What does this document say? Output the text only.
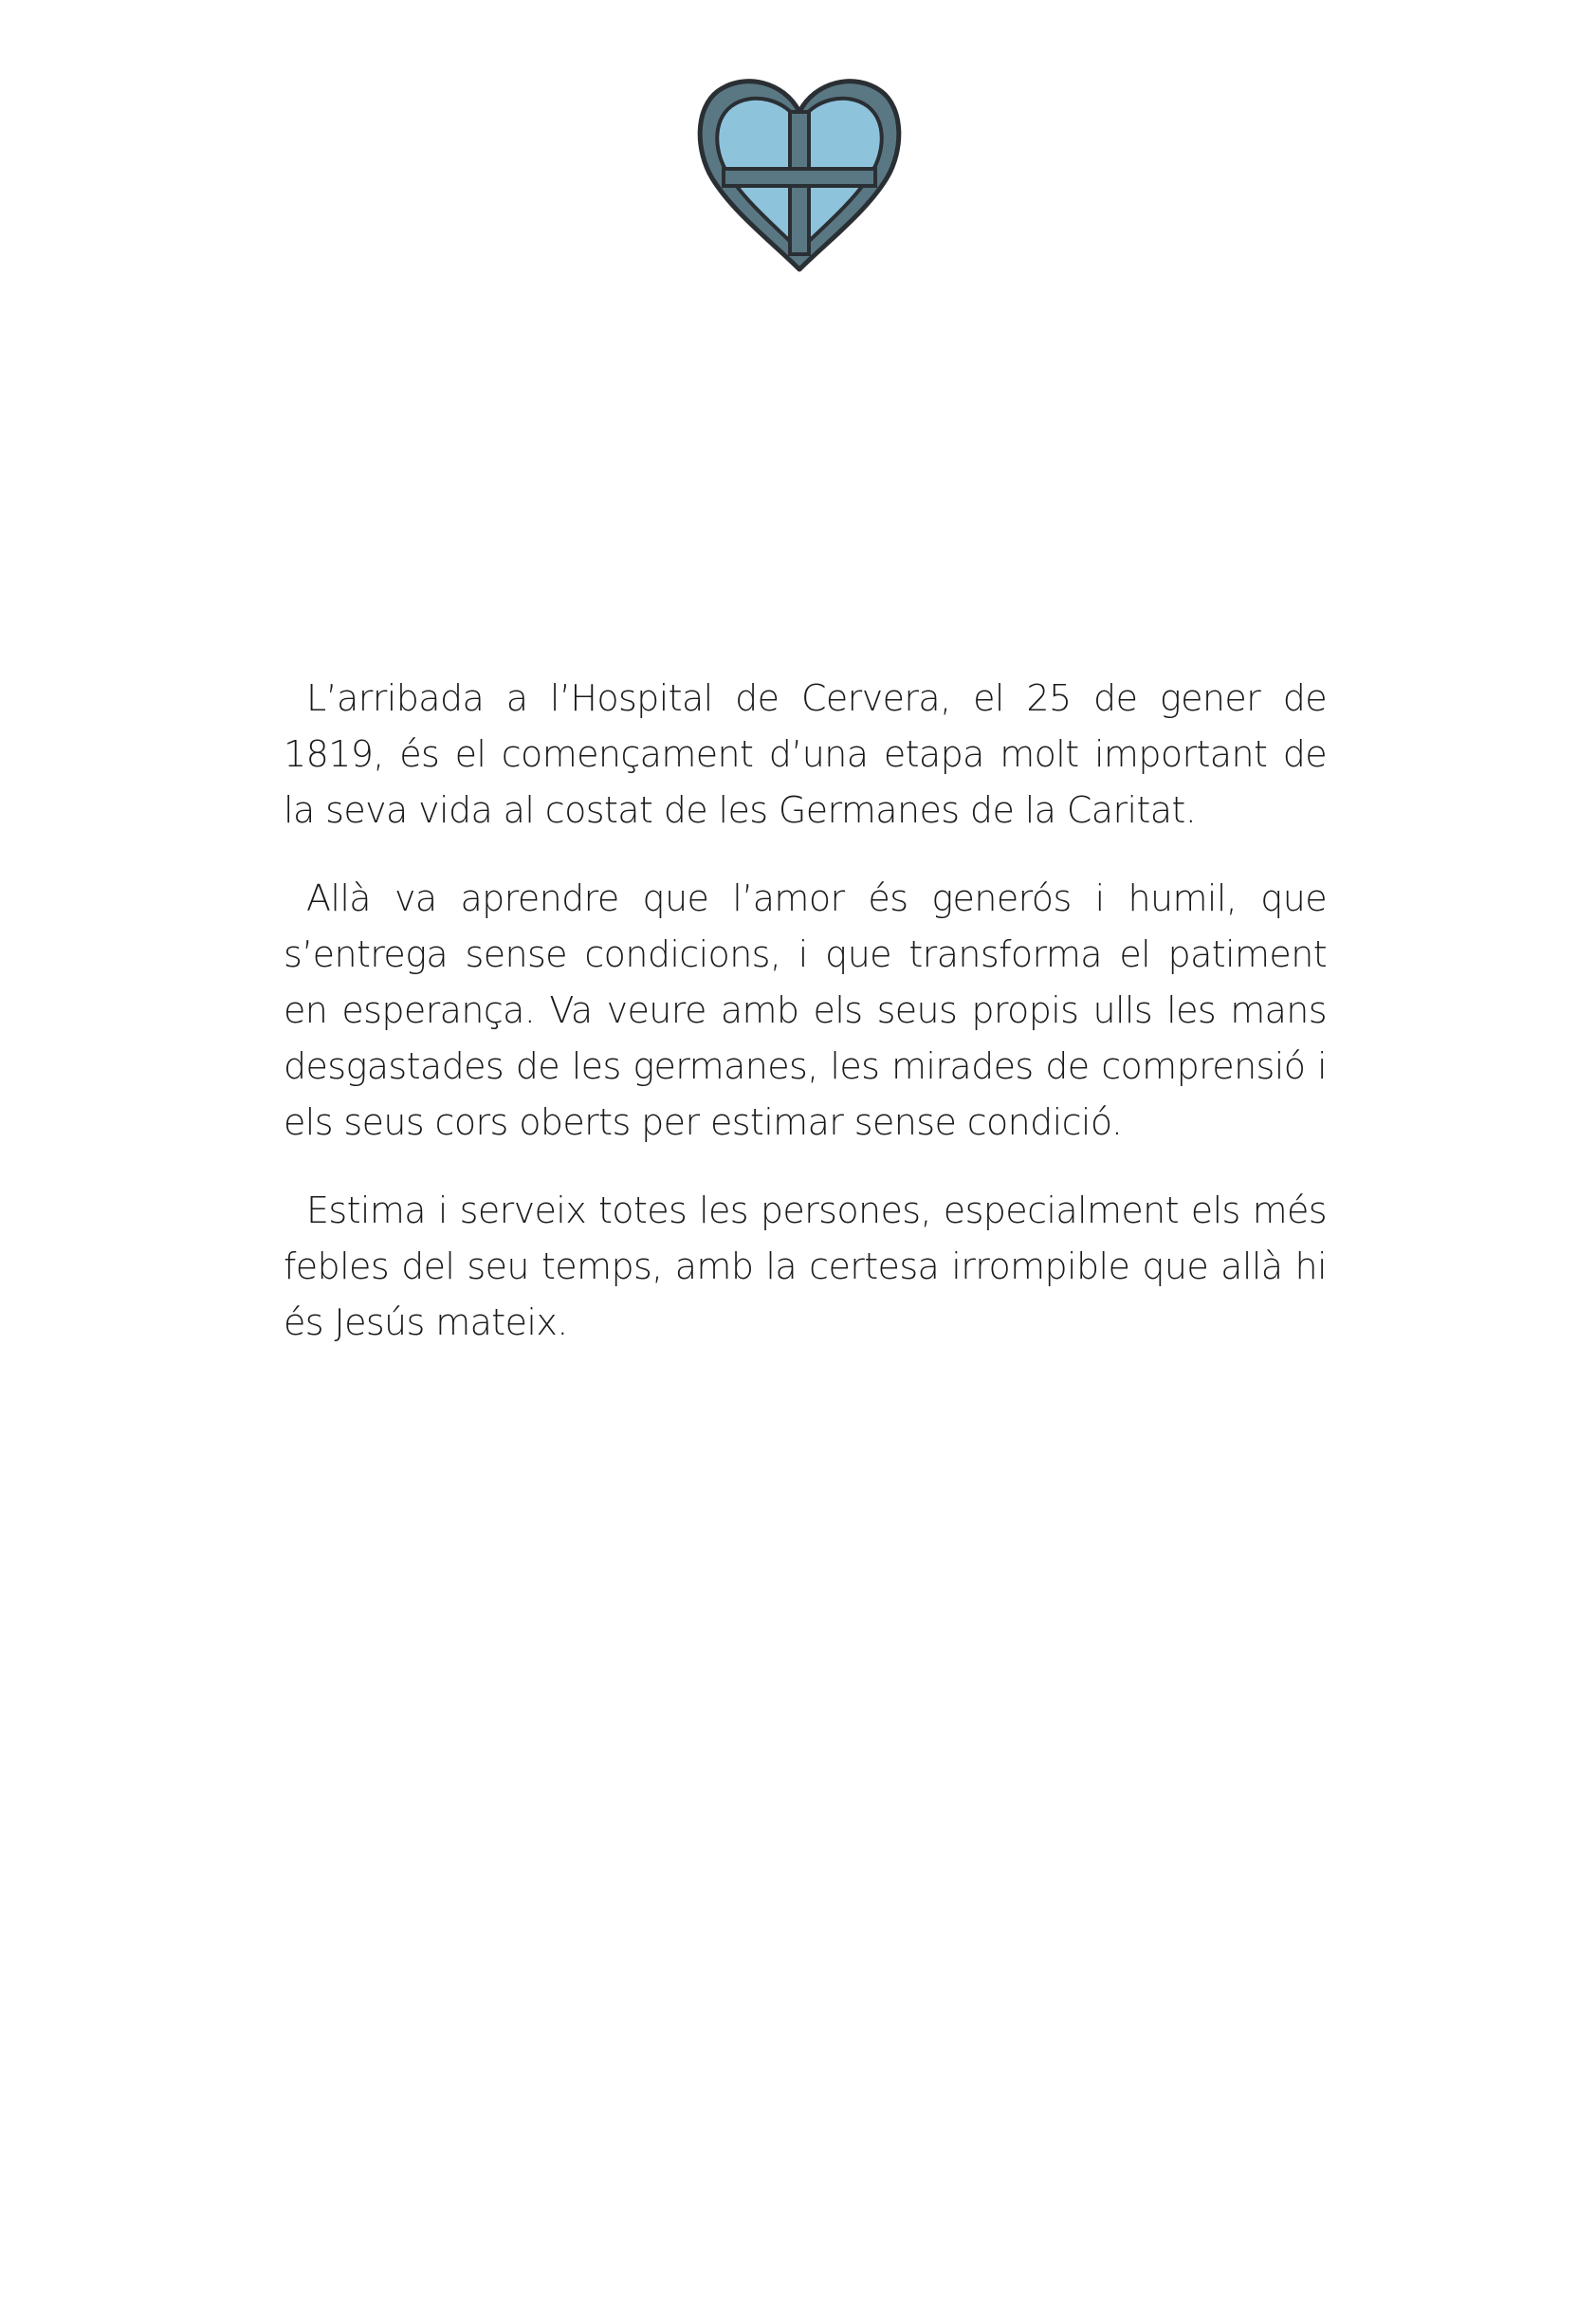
L’arribada a l’Hospital de Cervera, el 25 de gener de 1819, és el començament d’una etapa molt important de la seva vida al costat de les Germanes de la Caritat.

Allà va aprendre que l’amor és generós i humil, que s’entrega sense condicions, i que transforma el patiment en esperança. Va veure amb els seus propis ulls les mans desgastades de les germanes, les mirades de comprensió i els seus cors oberts per estimar sense condició.

Estima i serveix totes les persones, especialment els més febles del seu temps, amb la certesa irrompible que allà hi és Jesús mateix.
